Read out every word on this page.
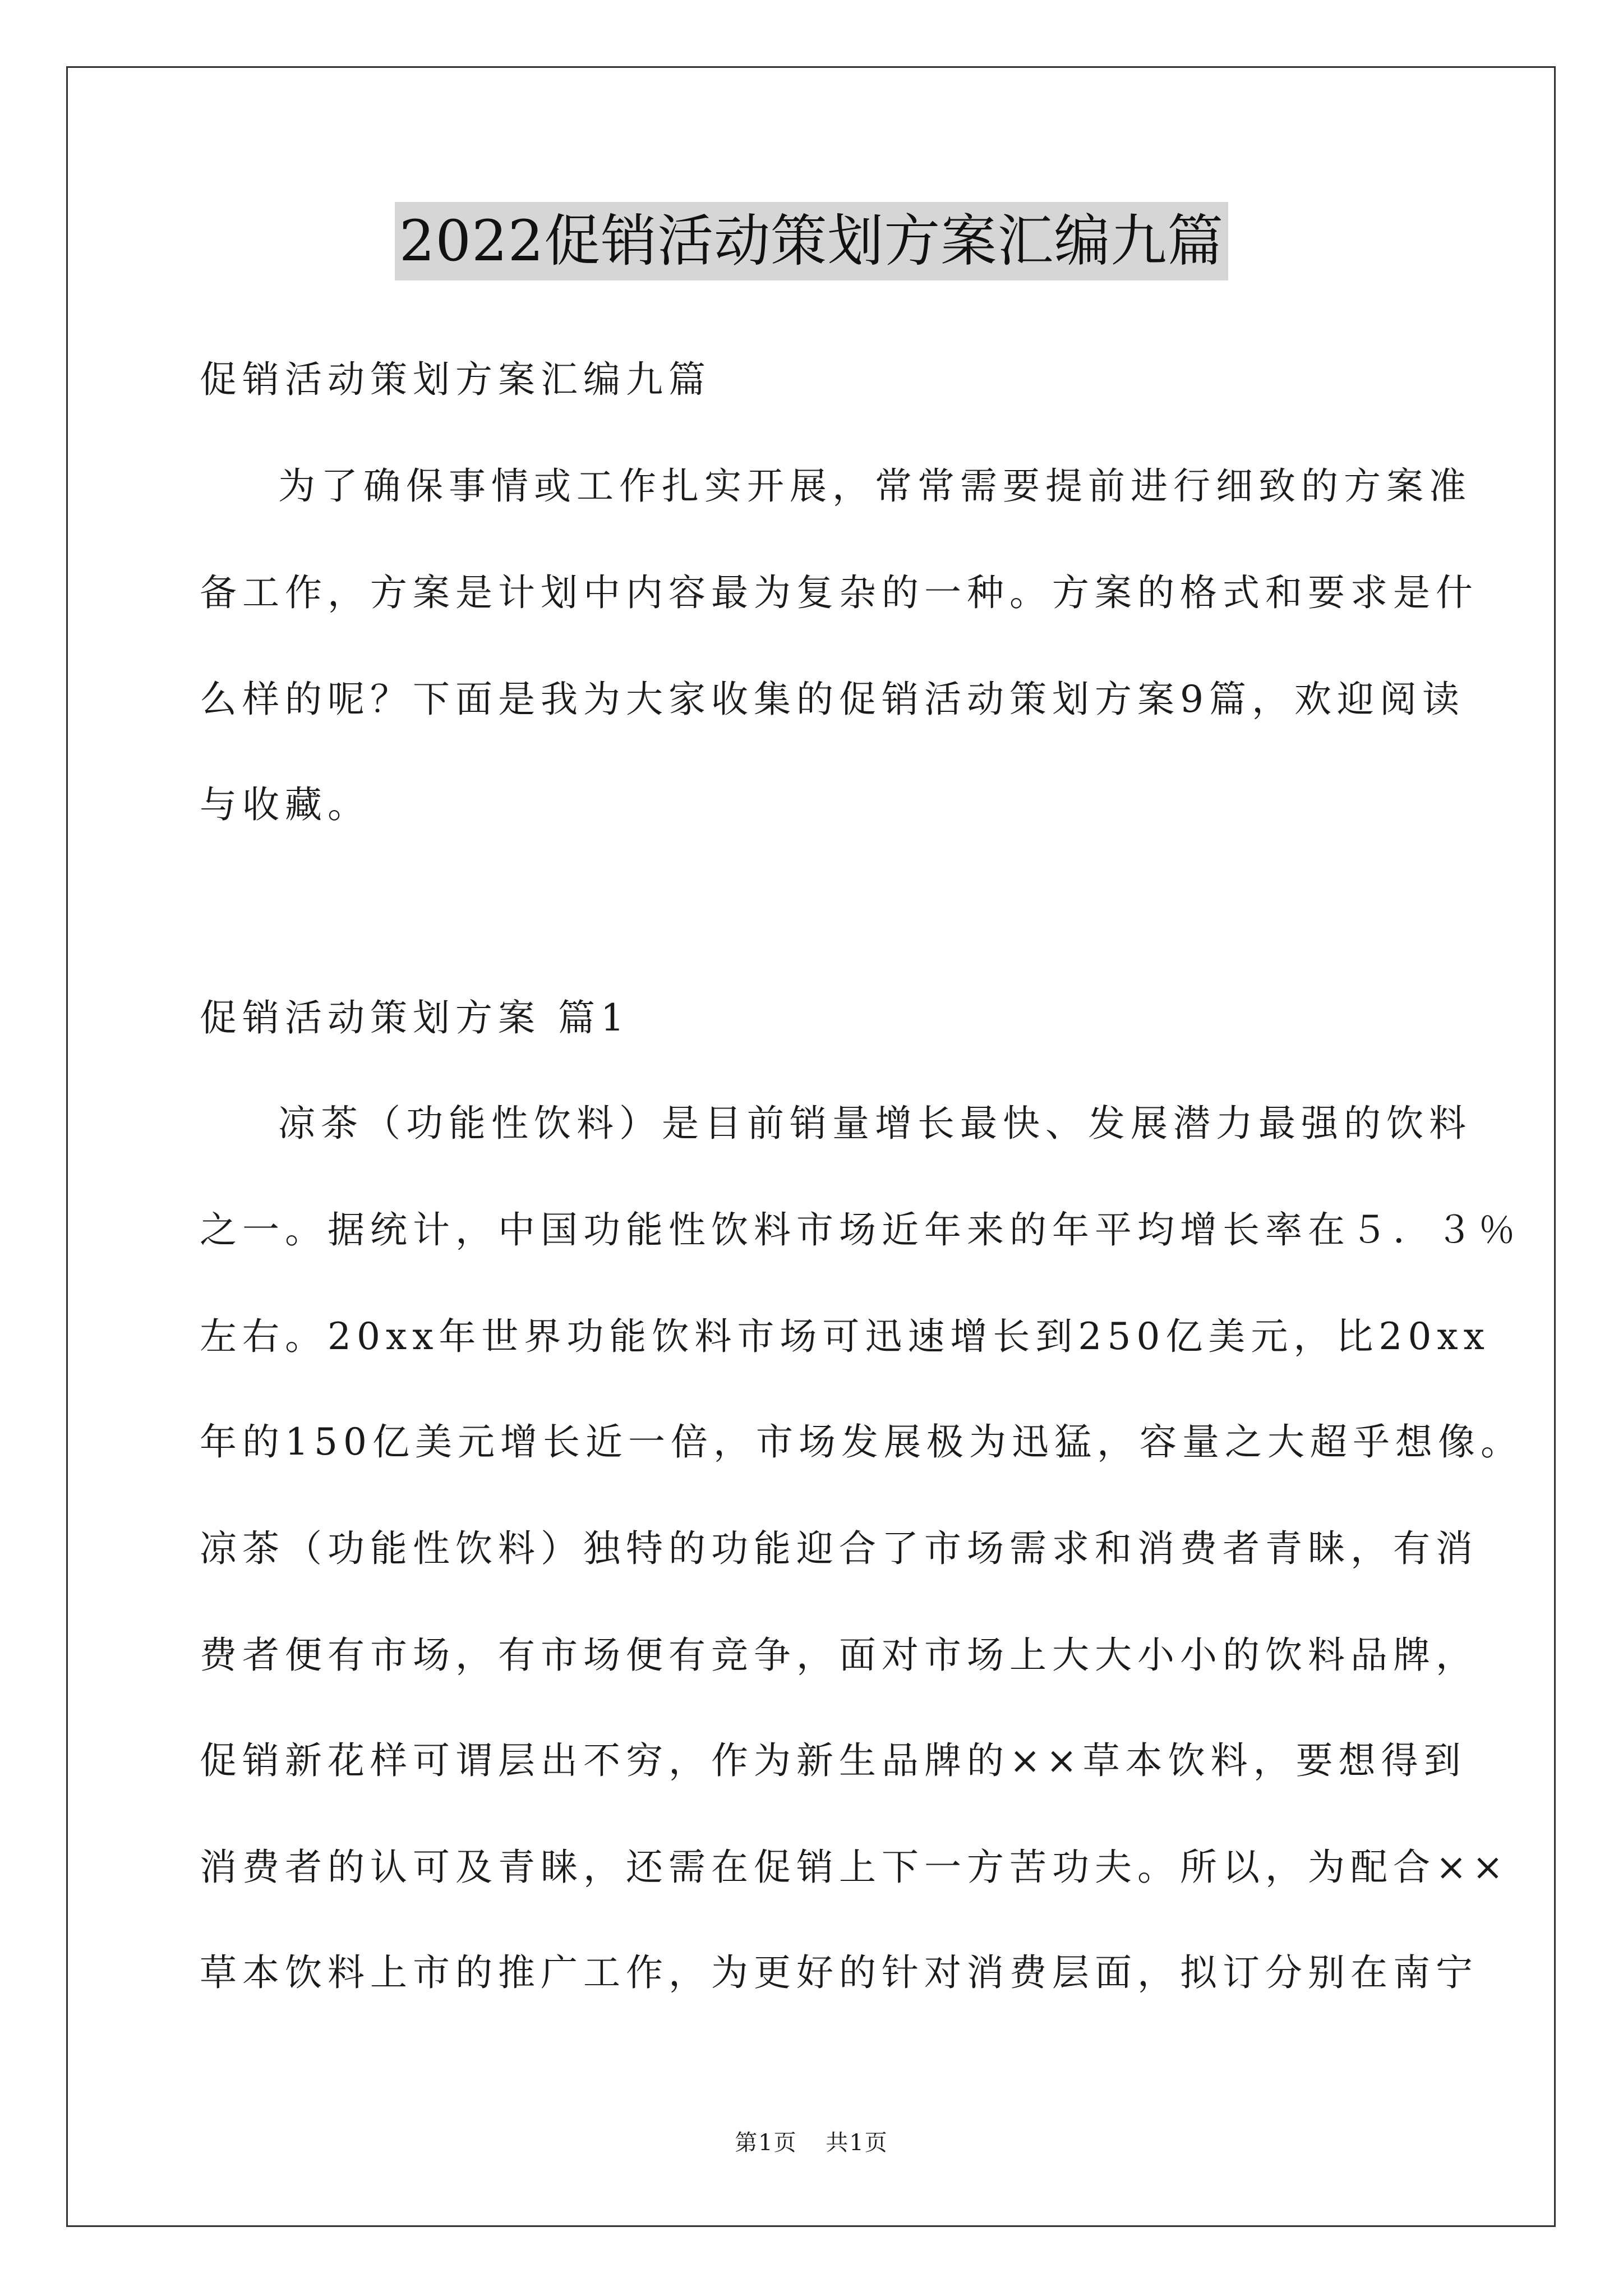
2022促销活动策划方案汇编九篇
促销活动策划方案汇编九篇
为了确保事情或工作扎实开展，常常需要提前进行细致的方案准
备工作，方案是计划中内容最为复杂的一种。方案的格式和要求是什
么样的呢？下面是我为大家收集的促销活动策划方案9篇，欢迎阅读
与收藏。
促销活动策划方案 篇1
凉茶（功能性饮料）是目前销量增长最快、发展潜力最强的饮料
之一。据统计，中国功能性饮料市场近年来的年平均增长率在５．３％
左右。20xx年世界功能饮料市场可迅速增长到250亿美元，比20xx
年的150亿美元增长近一倍，市场发展极为迅猛，容量之大超乎想像。
凉茶（功能性饮料）独特的功能迎合了市场需求和消费者青睐，有消
费者便有市场，有市场便有竞争，面对市场上大大小小的饮料品牌，
促销新花样可谓层出不穷，作为新生品牌的××草本饮料，要想得到
消费者的认可及青睐，还需在促销上下一方苦功夫。所以，为配合××
草本饮料上市的推广工作，为更好的针对消费层面，拟订分别在南宁
第1页 共1页
